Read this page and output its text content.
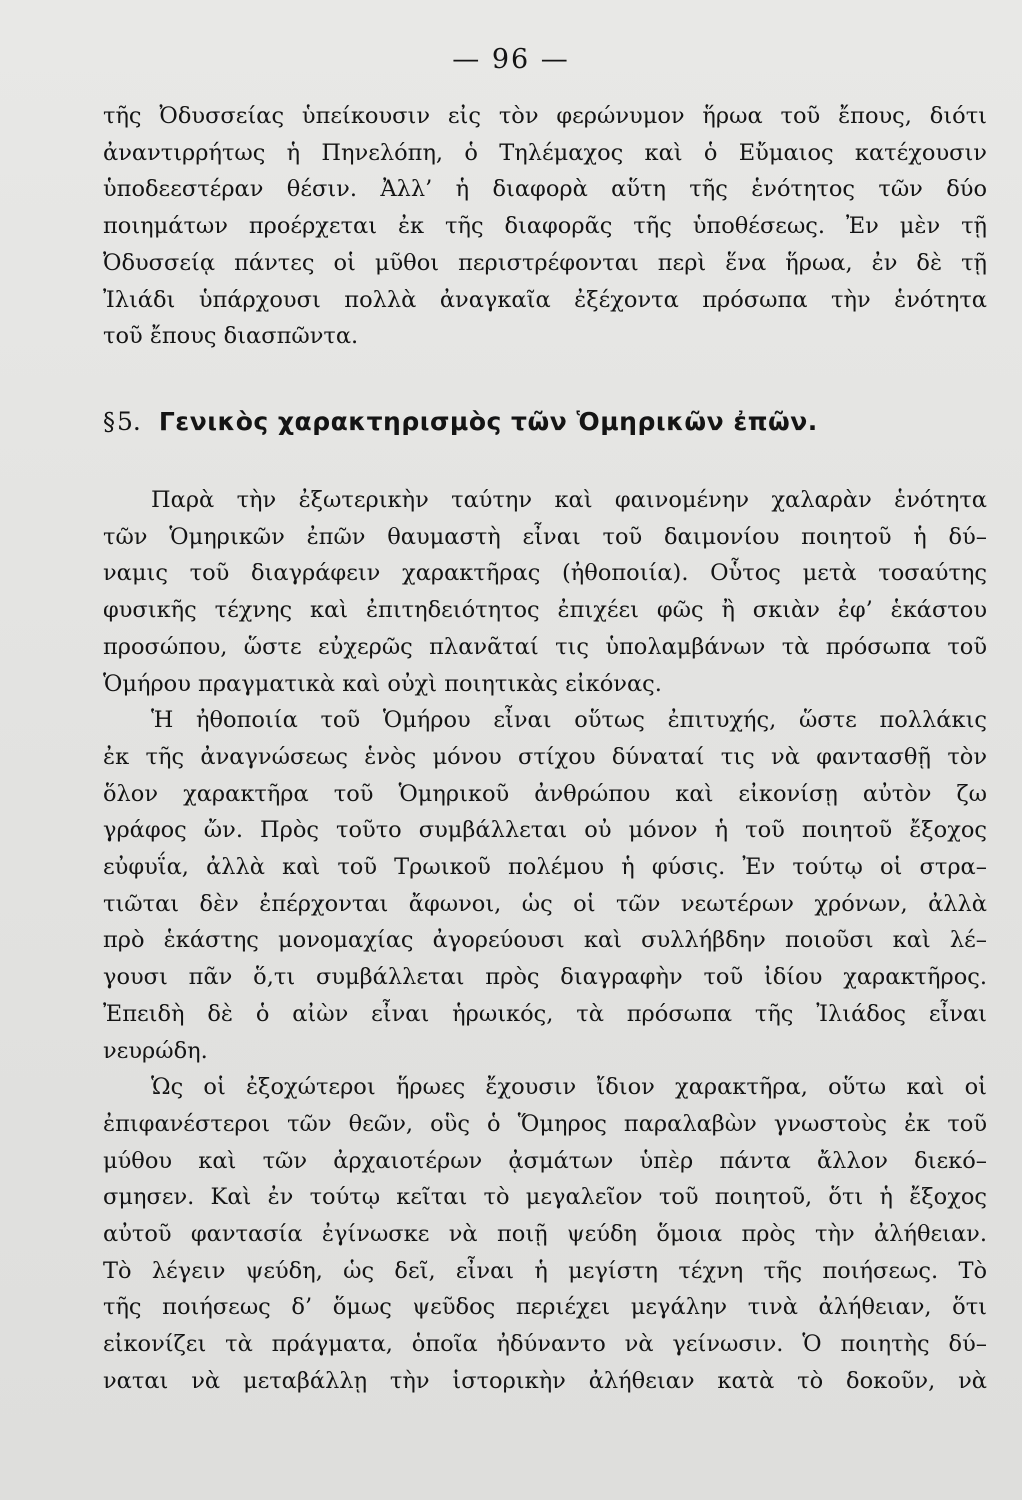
— 96 —
τῆς Ὀδυσσείας ὑπείκουσιν εἰς τὸν φερώνυμον ἥρωα τοῦ ἔπους, διότι
ἀναντιρρήτως ἡ Πηνελόπη, ὁ Τηλέμαχος καὶ ὁ Εὔμαιος κατέχουσιν
ὑποδεεστέραν θέσιν. Ἀλλ’ ἡ διαφορὰ αὕτη τῆς ἑνότητος τῶν δύο
ποιημάτων προέρχεται ἐκ τῆς διαφορᾶς τῆς ὑποθέσεως. Ἐν μὲν τῇ
Ὀδυσσείᾳ πάντες οἱ μῦθοι περιστρέφονται περὶ ἕνα ἥρωα, ἐν δὲ τῇ
Ἰλιάδι ὑπάρχουσι πολλὰ ἀναγκαῖα ἐξέχοντα πρόσωπα τὴν ἑνότητα
τοῦ ἔπους διασπῶντα.
§5. Γενικὸς χαρακτηρισμὸς τῶν Ὁμηρικῶν ἐπῶν.
Παρὰ τὴν ἐξωτερικὴν ταύτην καὶ φαινομένην χαλαρὰν ἑνότητα
τῶν Ὁμηρικῶν ἐπῶν θαυμαστὴ εἶναι τοῦ δαιμονίου ποιητοῦ ἡ δύ–
ναμις τοῦ διαγράφειν χαρακτῆρας (ἠθοποιία). Οὗτος μετὰ τοσαύτης
φυσικῆς τέχνης καὶ ἐπιτηδειότητος ἐπιχέει φῶς ἢ σκιὰν ἐφ’ ἑκάστου
προσώπου, ὥστε εὐχερῶς πλανᾶταί τις ὑπολαμβάνων τὰ πρόσωπα τοῦ
Ὁμήρου πραγματικὰ καὶ οὐχὶ ποιητικὰς εἰκόνας.
Ἡ ἠθοποιία τοῦ Ὁμήρου εἶναι οὕτως ἐπιτυχής, ὥστε πολλάκις
ἐκ τῆς ἀναγνώσεως ἑνὸς μόνου στίχου δύναταί τις νὰ φαντασθῇ τὸν
ὅλον χαρακτῆρα τοῦ Ὁμηρικοῦ ἀνθρώπου καὶ εἰκονίσῃ αὐτὸν ζω
γράφος ὤν. Πρὸς τοῦτο συμβάλλεται οὐ μόνον ἡ τοῦ ποιητοῦ ἔξοχος
εὐφυΐα, ἀλλὰ καὶ τοῦ Τρωικοῦ πολέμου ἡ φύσις. Ἐν τούτῳ οἱ στρα–
τιῶται δὲν ἐπέρχονται ἄφωνοι, ὡς οἱ τῶν νεωτέρων χρόνων, ἀλλὰ
πρὸ ἑκάστης μονομαχίας ἀγορεύουσι καὶ συλλήβδην ποιοῦσι καὶ λέ–
γουσι πᾶν ὅ,τι συμβάλλεται πρὸς διαγραφὴν τοῦ ἰδίου χαρακτῆρος.
Ἐπειδὴ δὲ ὁ αἰὼν εἶναι ἡρωικός, τὰ πρόσωπα τῆς Ἰλιάδος εἶναι
νευρώδη.
Ὡς οἱ ἐξοχώτεροι ἥρωες ἔχουσιν ἴδιον χαρακτῆρα, οὕτω καὶ οἱ
ἐπιφανέστεροι τῶν θεῶν, οὓς ὁ Ὅμηρος παραλαβὼν γνωστοὺς ἐκ τοῦ
μύθου καὶ τῶν ἀρχαιοτέρων ᾀσμάτων ὑπὲρ πάντα ἄλλον διεκό–
σμησεν. Καὶ ἐν τούτῳ κεῖται τὸ μεγαλεῖον τοῦ ποιητοῦ, ὅτι ἡ ἔξοχος
αὐτοῦ φαντασία ἐγίνωσκε νὰ ποιῇ ψεύδη ὅμοια πρὸς τὴν ἀλήθειαν.
Τὸ λέγειν ψεύδη, ὡς δεῖ, εἶναι ἡ μεγίστη τέχνη τῆς ποιήσεως. Τὸ
τῆς ποιήσεως δ’ ὅμως ψεῦδος περιέχει μεγάλην τινὰ ἀλήθειαν, ὅτι
εἰκονίζει τὰ πράγματα, ὁποῖα ἠδύναντο νὰ γείνωσιν. Ὁ ποιητὴς δύ–
ναται νὰ μεταβάλλῃ τὴν ἱστορικὴν ἀλήθειαν κατὰ τὸ δοκοῦν, νὰ
